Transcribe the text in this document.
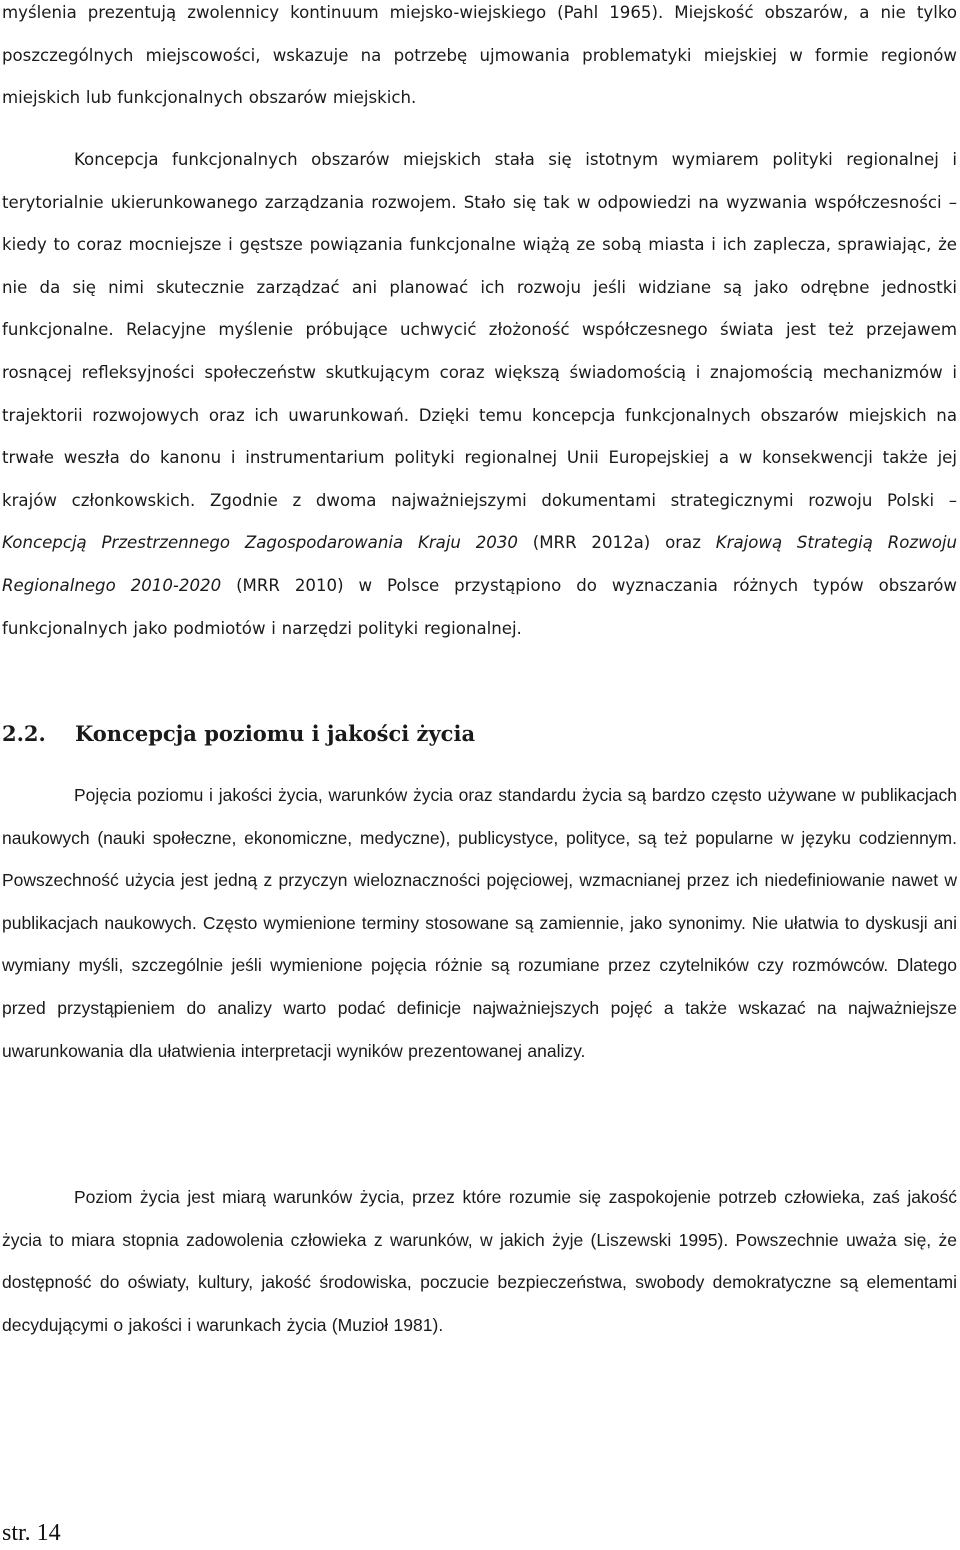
myślenia prezentują zwolennicy kontinuum miejsko-wiejskiego (Pahl 1965). Miejskość obszarów, a nie tylko poszczególnych miejscowości, wskazuje na potrzebę ujmowania problematyki miejskiej w formie regionów miejskich lub funkcjonalnych obszarów miejskich.

Koncepcja funkcjonalnych obszarów miejskich stała się istotnym wymiarem polityki regionalnej i terytorialnie ukierunkowanego zarządzania rozwojem. Stało się tak w odpowiedzi na wyzwania współczesności – kiedy to coraz mocniejsze i gęstsze powiązania funkcjonalne wiążą ze sobą miasta i ich zaplecza, sprawiając, że nie da się nimi skutecznie zarządzać ani planować ich rozwoju jeśli widziane są jako odrębne jednostki funkcjonalne. Relacyjne myślenie próbujące uchwycić złożoność współczesnego świata jest też przejawem rosnącej refleksyjności społeczeństw skutkującym coraz większą świadomością i znajomością mechanizmów i trajektorii rozwojowych oraz ich uwarunkowań. Dzięki temu koncepcja funkcjonalnych obszarów miejskich na trwałe weszła do kanonu i instrumentarium polityki regionalnej Unii Europejskiej a w konsekwencji także jej krajów członkowskich. Zgodnie z dwoma najważniejszymi dokumentami strategicznymi rozwoju Polski – Koncepcją Przestrzennego Zagospodarowania Kraju 2030 (MRR 2012a) oraz Krajową Strategią Rozwoju Regionalnego 2010-2020 (MRR 2010) w Polsce przystąpiono do wyznaczania różnych typów obszarów funkcjonalnych jako podmiotów i narzędzi polityki regionalnej.

2.2. Koncepcja poziomu i jakości życia

Pojęcia poziomu i jakości życia, warunków życia oraz standardu życia są bardzo często używane w publikacjach naukowych (nauki społeczne, ekonomiczne, medyczne), publicystyce, polityce, są też popularne w języku codziennym. Powszechność użycia jest jedną z przyczyn wieloznaczności pojęciowej, wzmacnianej przez ich niedefiniowanie nawet w publikacjach naukowych. Często wymienione terminy stosowane są zamiennie, jako synonimy. Nie ułatwia to dyskusji ani wymiany myśli, szczególnie jeśli wymienione pojęcia różnie są rozumiane przez czytelników czy rozmówców. Dlatego przed przystąpieniem do analizy warto podać definicje najważniejszych pojęć a także wskazać na najważniejsze uwarunkowania dla ułatwienia interpretacji wyników prezentowanej analizy.

Poziom życia jest miarą warunków życia, przez które rozumie się zaspokojenie potrzeb człowieka, zaś jakość życia to miara stopnia zadowolenia człowieka z warunków, w jakich żyje (Liszewski 1995). Powszechnie uważa się, że dostępność do oświaty, kultury, jakość środowiska, poczucie bezpieczeństwa, swobody demokratyczne są elementami decydującymi o jakości i warunkach życia (Muzioł 1981).

str. 14
